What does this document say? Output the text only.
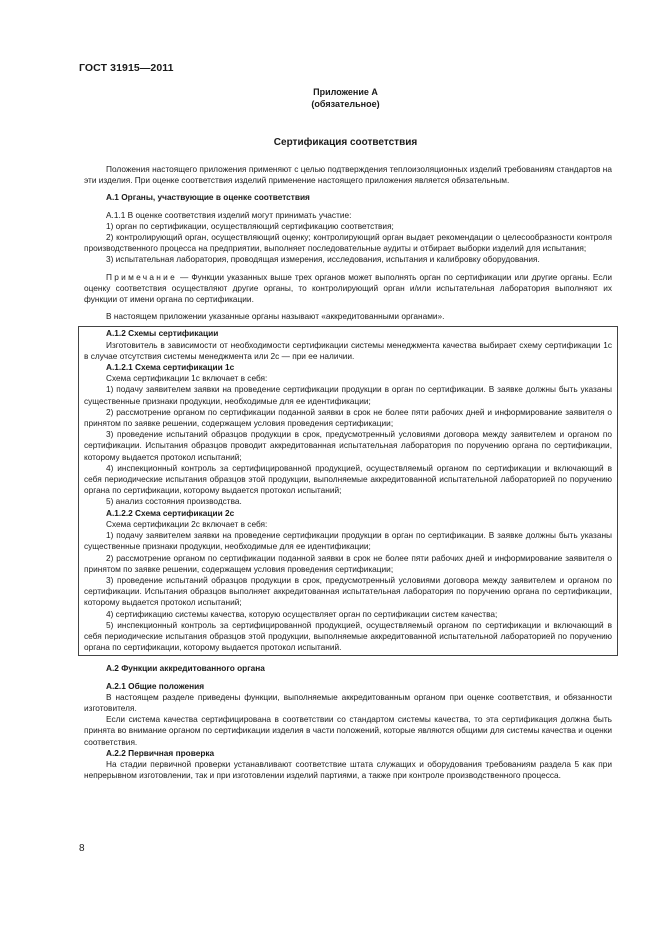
ГОСТ 31915—2011
Приложение А
(обязательное)
Сертификация соответствия

Положения настоящего приложения применяют с целью подтверждения теплоизоляционных изделий требованиям стандартов на эти изделия. При оценке соответствия изделий применение настоящего приложения является обязательным.

А.1 Органы, участвующие в оценке соответствия

А.1.1 В оценке соответствия изделий могут принимать участие:

1) орган по сертификации, осуществляющий сертификацию соответствия;

2) контролирующий орган, осуществляющий оценку; контролирующий орган выдает рекомендации о целесообразности контроля производственного процесса на предприятии, выполняет последовательные аудиты и отбирает выборки изделий для испытания;

3) испытательная лаборатория, проводящая измерения, исследования, испытания и калибровку оборудования.

Примечание — Функции указанных выше трех органов может выполнять орган по сертификации или другие органы. Если оценку соответствия осуществляют другие органы, то контролирующий орган и/или испытательная лаборатория выполняют их функции от имени органа по сертификации.

В настоящем приложении указанные органы называют «аккредитованными органами».

А.1.2 Схемы сертификации

Изготовитель в зависимости от необходимости сертификации системы менеджмента качества выбирает схему сертификации 1с в случае отсутствия системы менеджмента или 2с — при ее наличии.

А.1.2.1 Схема сертификации 1с

Схема сертификации 1с включает в себя:

1) подачу заявителем заявки на проведение сертификации продукции в орган по сертификации. В заявке должны быть указаны существенные признаки продукции, необходимые для ее идентификации;

2) рассмотрение органом по сертификации поданной заявки в срок не более пяти рабочих дней и информирование заявителя о принятом по заявке решении, содержащем условия проведения сертификации;

3) проведение испытаний образцов продукции в срок, предусмотренный условиями договора между заявителем и органом по сертификации. Испытания образцов проводит аккредитованная испытательная лаборатория по поручению органа по сертификации, которому выдается протокол испытаний;

4) инспекционный контроль за сертифицированной продукцией, осуществляемый органом по сертификации и включающий в себя периодические испытания образцов этой продукции, выполняемые аккредитованной испытательной лабораторией по поручению органа по сертификации, которому выдается протокол испытаний;

5) анализ состояния производства.

А.1.2.2 Схема сертификации 2с

Схема сертификации 2с включает в себя:

1) подачу заявителем заявки на проведение сертификации продукции в орган по сертификации. В заявке должны быть указаны существенные признаки продукции, необходимые для ее идентификации;

2) рассмотрение органом по сертификации поданной заявки в срок не более пяти рабочих дней и информирование заявителя о принятом по заявке решении, содержащем условия проведения сертификации;

3) проведение испытаний образцов продукции в срок, предусмотренный условиями договора между заявителем и органом по сертификации. Испытания образцов выполняет аккредитованная испытательная лаборатория по поручению органа по сертификации, которому выдается протокол испытаний;

4) сертификацию системы качества, которую осуществляет орган по сертификации систем качества;

5) инспекционный контроль за сертифицированной продукцией, осуществляемый органом по сертификации и включающий в себя периодические испытания образцов этой продукции, выполняемые аккредитованной испытательной лабораторией по поручению органа по сертификации, которому выдается протокол испытаний.

А.2 Функции аккредитованного органа

А.2.1 Общие положения

В настоящем разделе приведены функции, выполняемые аккредитованным органом при оценке соответствия, и обязанности изготовителя.

Если система качества сертифицирована в соответствии со стандартом системы качества, то эта сертификация должна быть принята во внимание органом по сертификации изделия в части положений, которые являются общими для системы качества и оценки соответствия.

А.2.2 Первичная проверка

На стадии первичной проверки устанавливают соответствие штата служащих и оборудования требованиям раздела 5 как при непрерывном изготовлении, так и при изготовлении изделий партиями, а также при контроле производственного процесса.

8
